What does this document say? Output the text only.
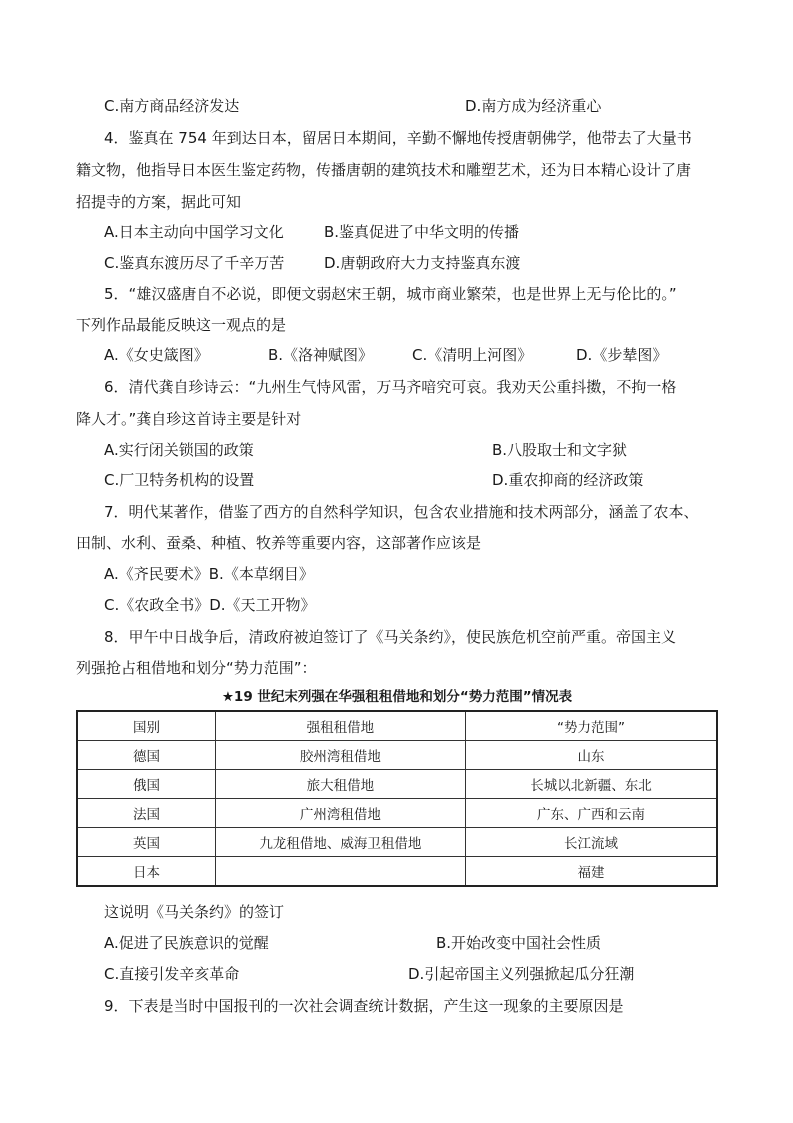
C.南方商品经济发达	D.南方成为经济重心
4．鉴真在 754 年到达日本，留居日本期间，辛勤不懈地传授唐朝佛学，他带去了大量书
籍文物，他指导日本医生鉴定药物，传播唐朝的建筑技术和雕塑艺术，还为日本精心设计了唐
招提寺的方案，据此可知
A.日本主动向中国学习文化	B.鉴真促进了中华文明的传播
C.鉴真东渡历尽了千辛万苦	D.唐朝政府大力支持鉴真东渡
5．“雄汉盛唐自不必说，即便文弱赵宋王朝，城市商业繁荣，也是世界上无与伦比的。”
下列作品最能反映这一观点的是
A.《女史箴图》	B.《洛神赋图》	C.《清明上河图》	D.《步辇图》
6．清代龚自珍诗云：“九州生气恃风雷，万马齐喑究可哀。我劝天公重抖擞，不拘一格
降人才。”龚自珍这首诗主要是针对
A.实行闭关锁国的政策	B.八股取士和文字狱
C.厂卫特务机构的设置	D.重农抑商的经济政策
7．明代某著作，借鉴了西方的自然科学知识，包含农业措施和技术两部分，涵盖了农本、
田制、水利、蚕桑、种植、牧养等重要内容，这部著作应该是
A.《齐民要术》B.《本草纲目》
C.《农政全书》D.《天工开物》
8．甲午中日战争后，清政府被迫签订了《马关条约》，使民族危机空前严重。帝国主义
列强抢占租借地和划分“势力范围”：
★19 世纪末列强在华强租租借地和划分“势力范围”情况表
国别	强租租借地	“势力范围”
德国	胶州湾租借地	山东
俄国	旅大租借地	长城以北新疆、东北
法国	广州湾租借地	广东、广西和云南
英国	九龙租借地、威海卫租借地	长江流域
日本		福建
这说明《马关条约》的签订
A.促进了民族意识的觉醒	B.开始改变中国社会性质
C.直接引发辛亥革命	D.引起帝国主义列强掀起瓜分狂潮
9．下表是当时中国报刊的一次社会调查统计数据，产生这一现象的主要原因是
